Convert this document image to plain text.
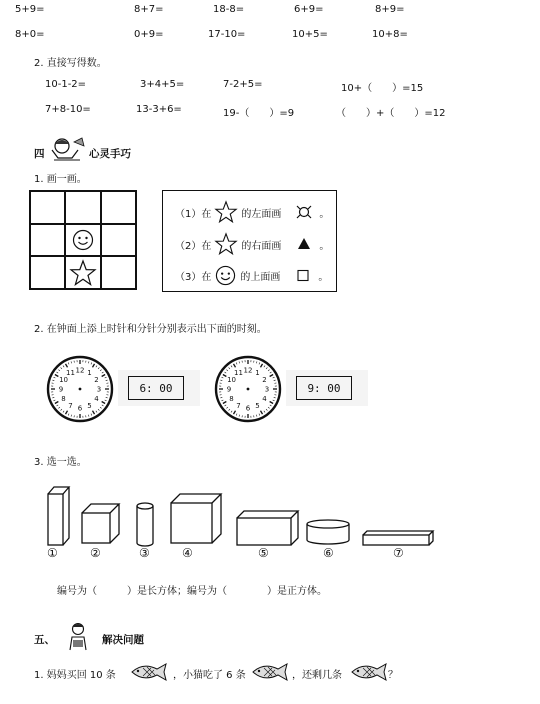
5+9=	8+7=	18-8=	6+9=	8+9=
8+0=	0+9=	17-10=	10+5=	10+8=
2. 直接写得数。
10-1-2=	3+4+5=	7-2+5=	10+（　　）=15
7+8-10=	13-3+6=	19-（　　）=9	（　　）+（　　）=12
四	心灵手巧
1. 画一画。
（1）在	的左面画	。
（2）在	的右面画	。
（3）在	的上面画	。
2. 在钟面上添上时针和分针分别表示出下面的时刻。
1
2
3
4
5
6
7
8
9
10
11 12
6: 00
1
2
3
4
5
6
7
8
9
10
11 12
9: 00
3. 选一选。
①	②	③	④	⑤	⑥	⑦
编号为（　　　）是长方体；编号为（　　　　）是正方体。
五、	解决问题
1. 妈妈买回 10 条	，小猫吃了 6 条	，还剩几条	？
